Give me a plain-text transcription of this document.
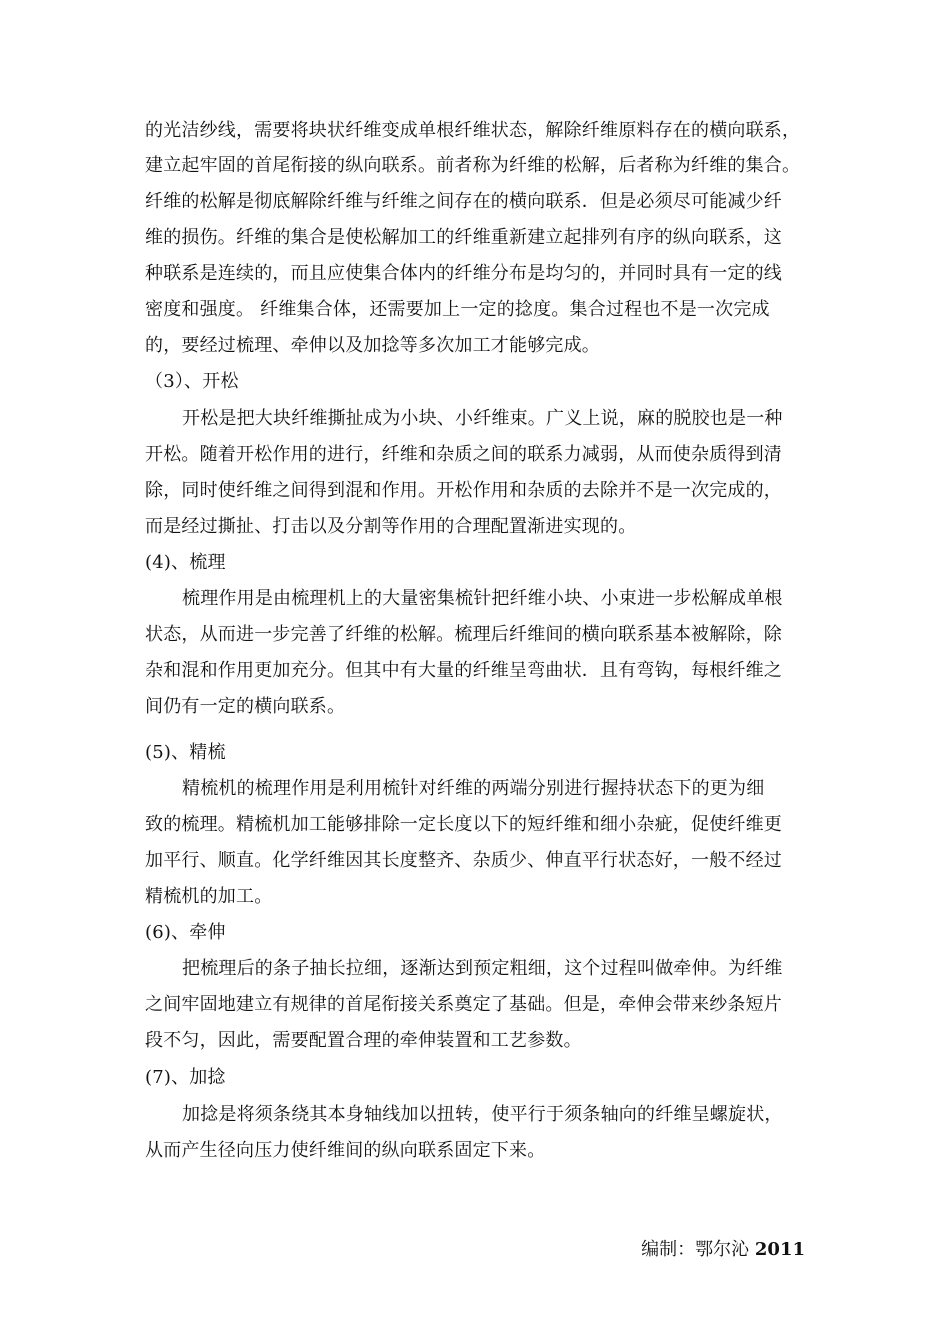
的光洁纱线，需要将块状纤维变成单根纤维状态，解除纤维原料存在的横向联系，
建立起牢固的首尾衔接的纵向联系。前者称为纤维的松解，后者称为纤维的集合。
纤维的松解是彻底解除纤维与纤维之间存在的横向联系．但是必须尽可能减少纤
维的损伤。纤维的集合是使松解加工的纤维重新建立起排列有序的纵向联系，这
种联系是连续的，而且应使集合体内的纤维分布是均匀的，并同时具有一定的线
密度和强度。 纤维集合体，还需要加上一定的捻度。集合过程也不是一次完成
的，要经过梳理、牵伸以及加捻等多次加工才能够完成。
（3）、开松
开松是把大块纤维撕扯成为小块、小纤维束。广义上说，麻的脱胶也是一种
开松。随着开松作用的进行，纤维和杂质之间的联系力减弱，从而使杂质得到清
除，同时使纤维之间得到混和作用。开松作用和杂质的去除并不是一次完成的，
而是经过撕扯、打击以及分割等作用的合理配置渐进实现的。
(4)、梳理
梳理作用是由梳理机上的大量密集梳针把纤维小块、小束进一步松解成单根
状态，从而进一步完善了纤维的松解。梳理后纤维间的横向联系基本被解除，除
杂和混和作用更加充分。但其中有大量的纤维呈弯曲状．且有弯钩，每根纤维之
间仍有一定的横向联系。
(5)、精梳
精梳机的梳理作用是利用梳针对纤维的两端分别进行握持状态下的更为细
致的梳理。精梳机加工能够排除一定长度以下的短纤维和细小杂疵，促使纤维更
加平行、顺直。化学纤维因其长度整齐、杂质少、伸直平行状态好，一般不经过
精梳机的加工。
(6)、牵伸
把梳理后的条子抽长拉细，逐渐达到预定粗细，这个过程叫做牵伸。为纤维
之间牢固地建立有规律的首尾衔接关系奠定了基础。但是，牵伸会带来纱条短片
段不匀，因此，需要配置合理的牵伸装置和工艺参数。
(7)、加捻
加捻是将须条绕其本身轴线加以扭转，使平行于须条轴向的纤维呈螺旋状，
从而产生径向压力使纤维间的纵向联系固定下来。
编制：鄂尔沁 2011
